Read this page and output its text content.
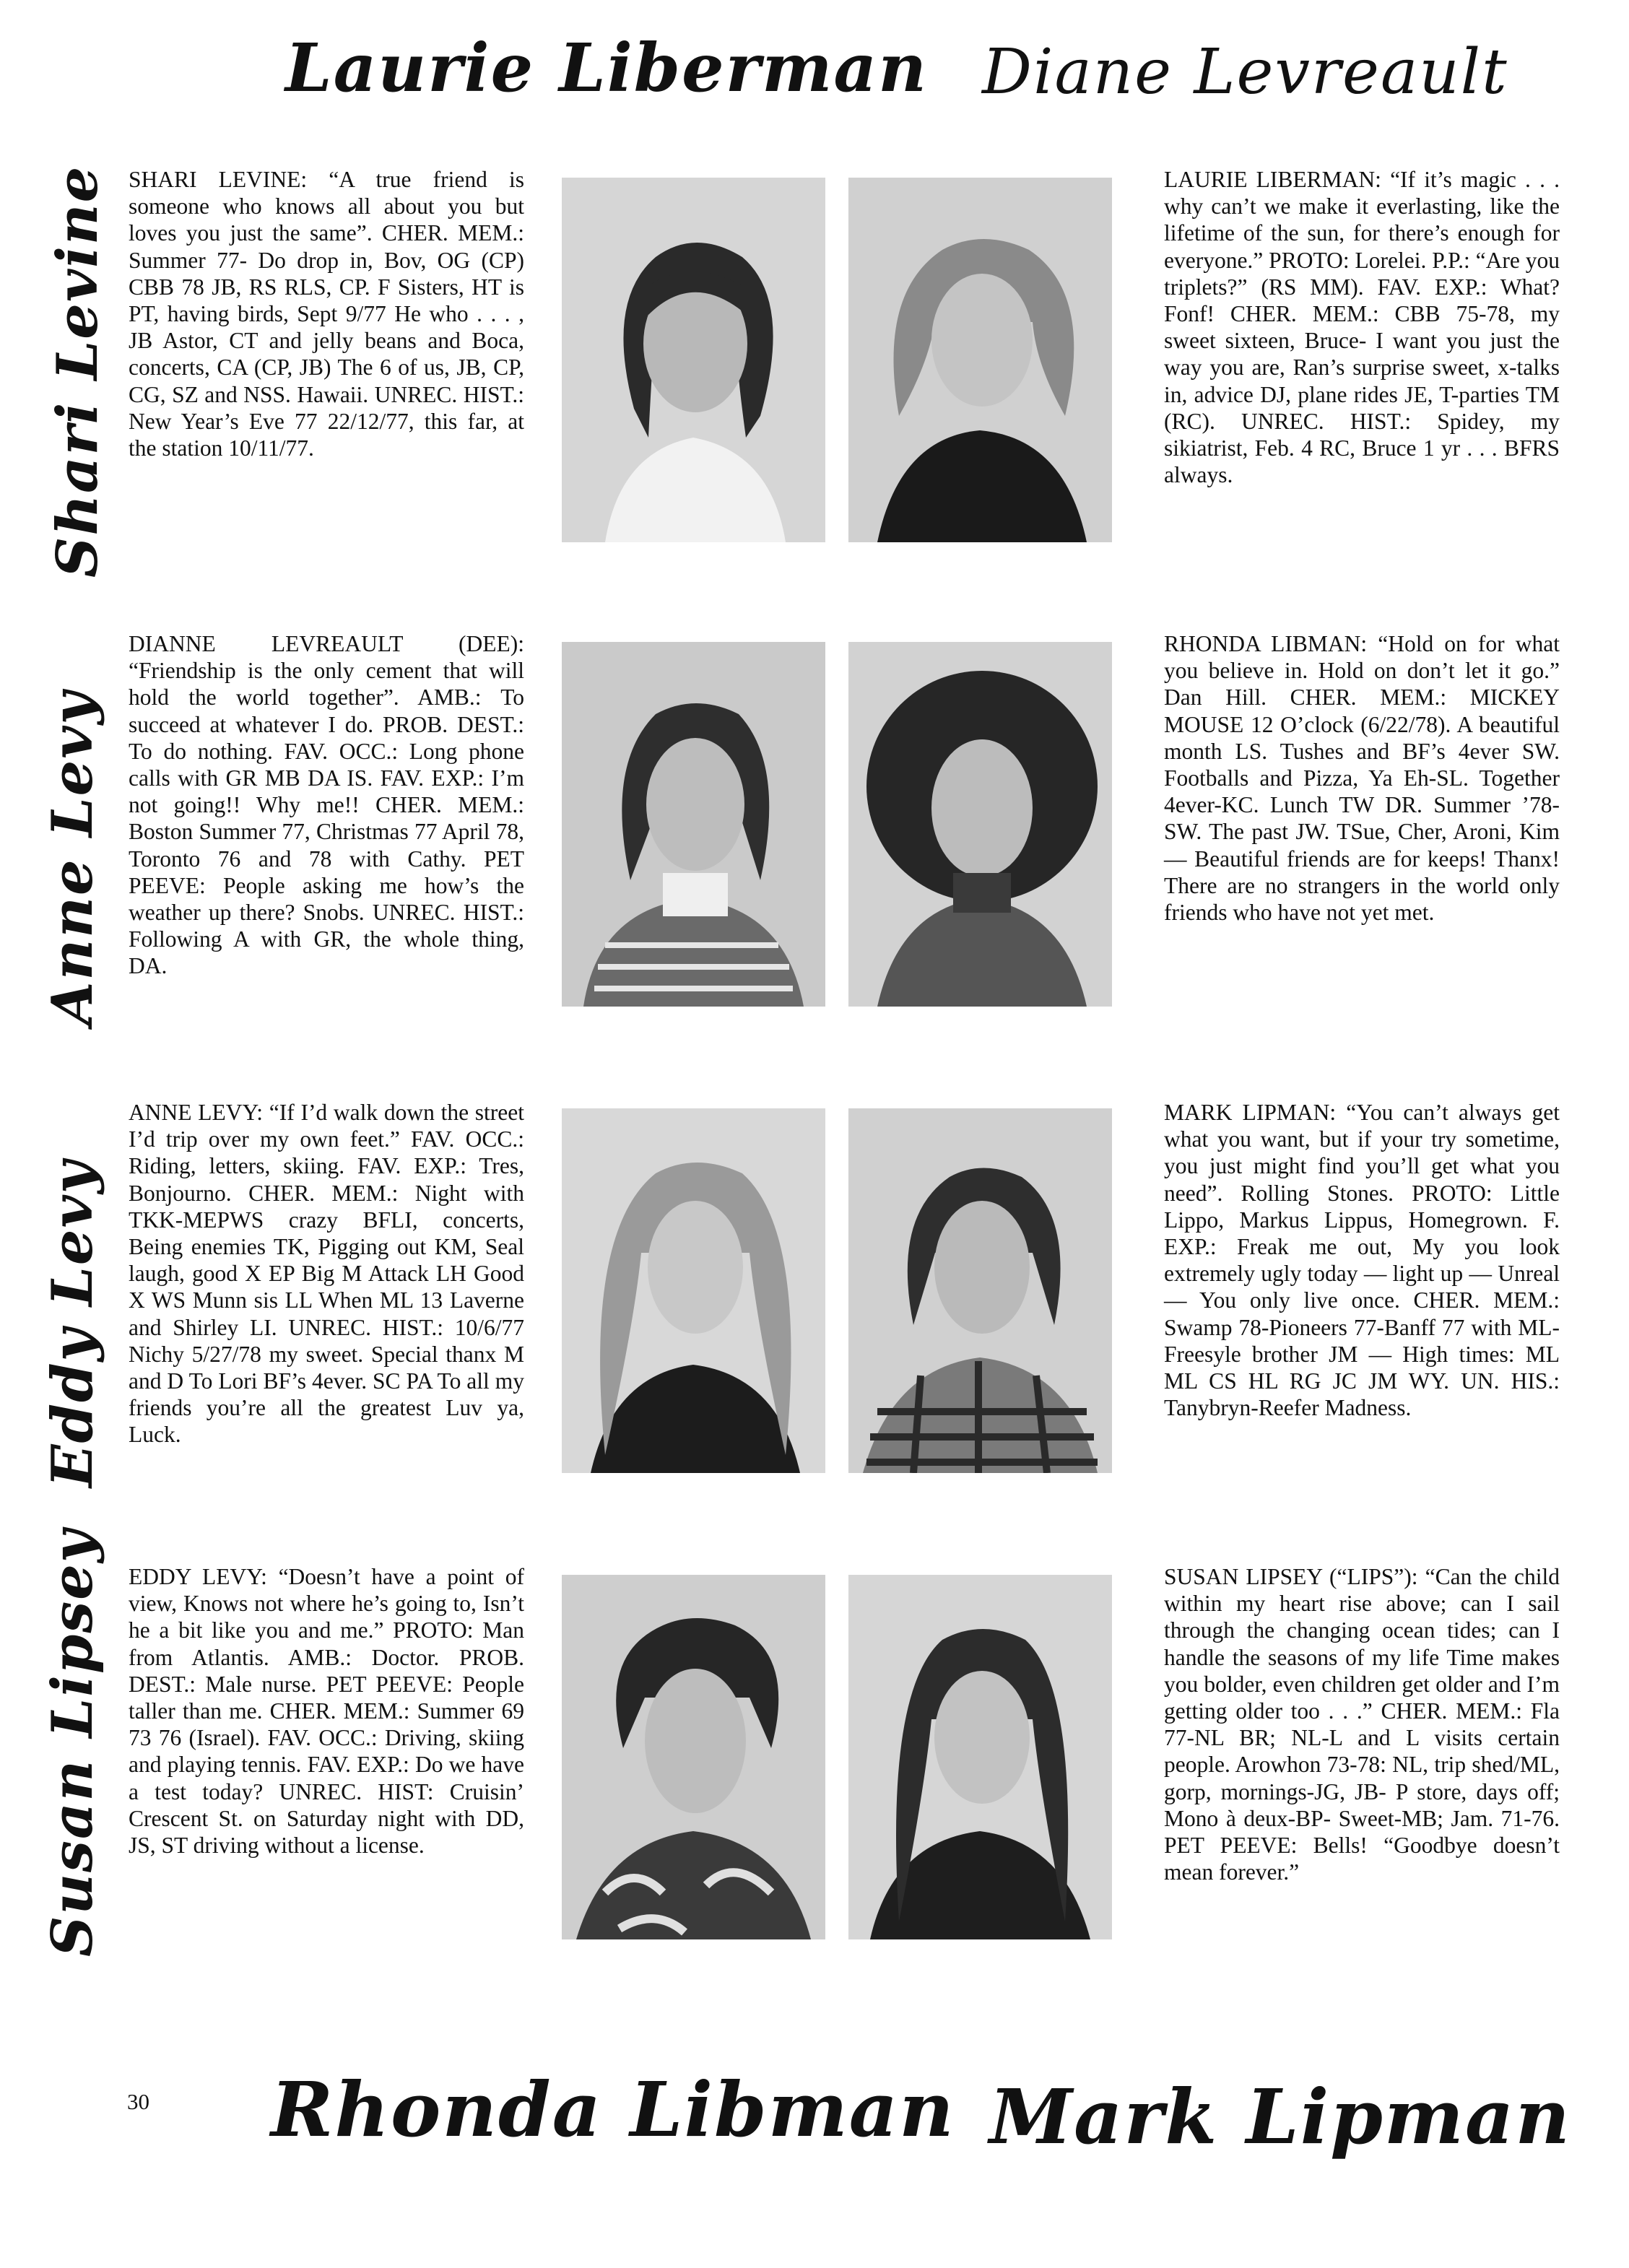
Laurie Liberman Diane Levreault
Shari Levine
Anne Levy
Eddy Levy
Susan Lipsey
SHARI LEVINE: “A true friend is someone who knows all about you but loves you just the same”. CHER. MEM.: Summer 77- Do drop in, Bov, OG (CP) CBB 78 JB, RS RLS, CP. F Sisters, HT is PT, having birds, Sept 9/77 He who . . . , JB Astor, CT and jelly beans and Boca, concerts, CA (CP, JB) The 6 of us, JB, CP, CG, SZ and NSS. Hawaii. UNREC. HIST.: New Year’s Eve 77 22/12/77, this far, at the station 10/11/77.
LAURIE LIBERMAN: “If it’s magic . . . why can’t we make it everlasting, like the lifetime of the sun, for there’s enough for everyone.” PROTO: Lorelei. P.P.: “Are you triplets?” (RS MM). FAV. EXP.: What? Fonf! CHER. MEM.: CBB 75-78, my sweet sixteen, Bruce- I want you just the way you are, Ran’s surprise sweet, x-talks in, advice DJ, plane rides JE, T-parties TM (RC). UNREC. HIST.: Spidey, my sikiatrist, Feb. 4 RC, Bruce 1 yr . . . BFRS always.
DIANNE LEVREAULT (DEE): “Friendship is the only cement that will hold the world together”. AMB.: To succeed at whatever I do. PROB. DEST.: To do nothing. FAV. OCC.: Long phone calls with GR MB DA IS. FAV. EXP.: I’m not going!! Why me!! CHER. MEM.: Boston Summer 77, Christmas 77 April 78, Toronto 76 and 78 with Cathy. PET PEEVE: People asking me how’s the weather up there? Snobs. UNREC. HIST.: Following A with GR, the whole thing, DA.
RHONDA LIBMAN: “Hold on for what you believe in. Hold on don’t let it go.” Dan Hill. CHER. MEM.: MICKEY MOUSE 12 O’clock (6/22/78). A beautiful month LS. Tushes and BF’s 4ever SW. Footballs and Pizza, Ya Eh-SL. Together 4ever-KC. Lunch TW DR. Summer ’78-SW. The past JW. TSue, Cher, Aroni, Kim — Beautiful friends are for keeps! Thanx! There are no strangers in the world only friends who have not yet met.
ANNE LEVY: “If I’d walk down the street I’d trip over my own feet.” FAV. OCC.: Riding, letters, skiing. FAV. EXP.: Tres, Bonjourno. CHER. MEM.: Night with TKK-MEPWS crazy BFLI, concerts, Being enemies TK, Pigging out KM, Seal laugh, good X EP Big M Attack LH Good X WS Munn sis LL When ML 13 Laverne and Shirley LI. UNREC. HIST.: 10/6/77 Nichy 5/27/78 my sweet. Special thanx M and D To Lori BF’s 4ever. SC PA To all my friends you’re all the greatest Luv ya, Luck.
MARK LIPMAN: “You can’t always get what you want, but if your try sometime, you just might find you’ll get what you need”. Rolling Stones. PROTO: Little Lippo, Markus Lippus, Homegrown. F. EXP.: Freak me out, My you look extremely ugly today — light up — Unreal — You only live once. CHER. MEM.: Swamp 78-Pioneers 77-Banff 77 with ML-Freesyle brother JM — High times: ML ML CS HL RG JC JM WY. UN. HIS.: Tanybryn-Reefer Madness.
EDDY LEVY: “Doesn’t have a point of view, Knows not where he’s going to, Isn’t he a bit like you and me.” PROTO: Man from Atlantis. AMB.: Doctor. PROB. DEST.: Male nurse. PET PEEVE: People taller than me. CHER. MEM.: Summer 69 73 76 (Israel). FAV. OCC.: Driving, skiing and playing tennis. FAV. EXP.: Do we have a test today? UNREC. HIST: Cruisin’ Crescent St. on Saturday night with DD, JS, ST driving without a license.
SUSAN LIPSEY (“LIPS”): “Can the child within my heart rise above; can I sail through the changing ocean tides; can I handle the seasons of my life Time makes you bolder, even children get older and I’m getting older too . . .” CHER. MEM.: Fla 77-NL BR; NL-L and L visits certain people. Arowhon 73-78: NL, trip shed/ML, gorp, mornings-JG, JB- P store, days off; Mono à deux-BP- Sweet-MB; Jam. 71-76. PET PEEVE: Bells! “Goodbye doesn’t mean forever.”
30 Rhonda Libman Mark Lipman
